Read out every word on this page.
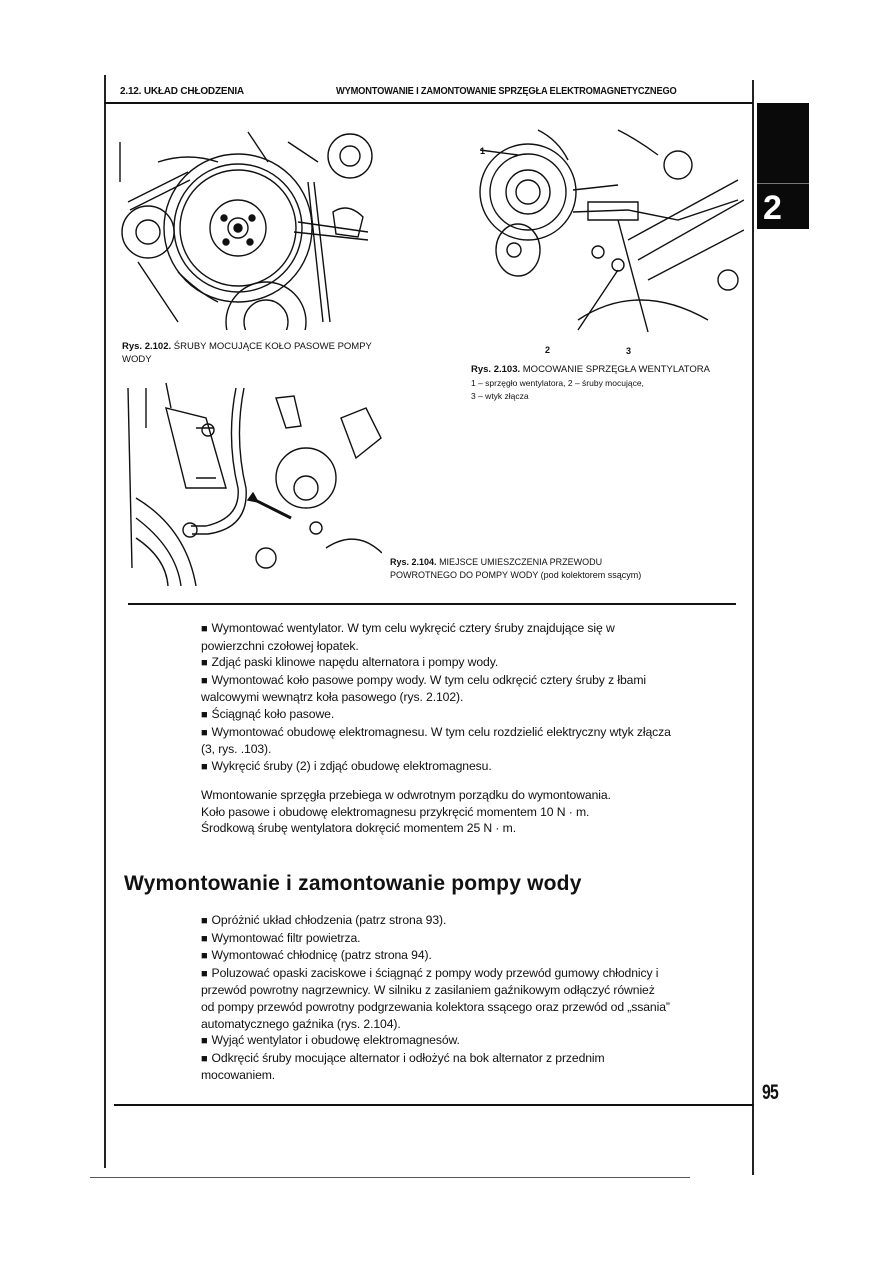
2.12. UKŁAD CHŁODZENIA	WYMONTOWANIE I ZAMONTOWANIE SPRZĘGŁA ELEKTROMAGNETYCZNEGO
2
Rys. 2.102. ŚRUBY MOCUJĄCE KOŁO PASOWE POMPY WODY
1
2	3
Rys. 2.103. MOCOWANIE SPRZĘGŁA WENTYLATORA
1 – sprzęgło wentylatora, 2 – śruby mocujące,
3 – wtyk złącza
Rys. 2.104. MIEJSCE UMIESZCZENIA PRZEWODU
POWROTNEGO DO POMPY WODY (pod kolektorem ssącym)

■ Wymontować wentylator. W tym celu wykręcić cztery śruby znajdujące się w powierzchni czołowej łopatek.

■ Zdjąć paski klinowe napędu alternatora i pompy wody.

■ Wymontować koło pasowe pompy wody. W tym celu odkręcić cztery śruby z łbami walcowymi wewnątrz koła pasowego (rys. 2.102).

■ Ściągnąć koło pasowe.

■ Wymontować obudowę elektromagnesu. W tym celu rozdzielić elektryczny wtyk złącza (3, rys. .103).

■ Wykręcić śruby (2) i zdjąć obudowę elektromagnesu.

Wmontowanie sprzęgła przebiega w odwrotnym porządku do wymontowania.

Koło pasowe i obudowę elektromagnesu przykręcić momentem 10 N · m.

Środkową śrubę wentylatora dokręcić momentem 25 N · m.

Wymontowanie i zamontowanie pompy wody

■ Opróżnić układ chłodzenia (patrz strona 93).

■ Wymontować filtr powietrza.

■ Wymontować chłodnicę (patrz strona 94).

■ Poluzować opaski zaciskowe i ściągnąć z pompy wody przewód gumowy chłodnicy i przewód powrotny nagrzewnicy. W silniku z zasilaniem gaźnikowym odłączyć również od pompy przewód powrotny podgrzewania kolektora ssącego oraz przewód od „ssania” automatycznego gaźnika (rys. 2.104).

■ Wyjąć wentylator i obudowę elektromagnesów.

■ Odkręcić śruby mocujące alternator i odłożyć na bok alternator z przednim mocowaniem.

95
